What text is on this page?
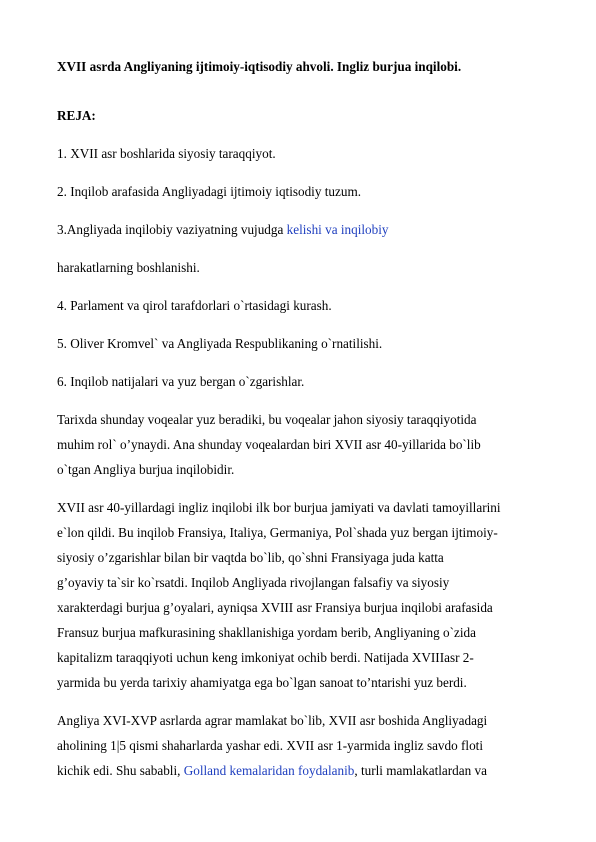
XVII asrda Angliyaning ijtimoiy-iqtisodiy ahvoli. Ingliz burjua inqilobi.
REJA:
1. XVII asr boshlarida siyosiy taraqqiyot.
2. Inqilob arafasida Angliyadagi ijtimoiy iqtisodiy tuzum.
3.Angliyada inqilobiy vaziyatning vujudga kelishi va inqilobiy
harakatlarning boshlanishi.
4. Parlament va qirol tarafdorlari o`rtasidagi kurash.
5. Oliver Kromvel` va Angliyada Respublikaning o`rnatilishi.
6. Inqilob natijalari va yuz bergan o`zgarishlar.
Tarixda shunday voqealar yuz beradiki, bu voqealar jahon siyosiy taraqqiyotida
muhim rol` o’ynaydi. Ana shunday voqealardan biri XVII asr 40-yillarida bo`lib
o`tgan Angliya burjua inqilobidir.
XVII asr 40-yillardagi ingliz inqilobi ilk bor burjua jamiyati va davlati tamoyillarini
e`lon qildi. Bu inqilob Fransiya, Italiya, Germaniya, Pol`shada yuz bergan ijtimoiy-
siyosiy o’zgarishlar bilan bir vaqtda bo`lib, qo`shni Fransiyaga juda katta
g’oyaviy ta`sir ko`rsatdi. Inqilob Angliyada rivojlangan falsafiy va siyosiy
xarakterdagi burjua g’oyalari, ayniqsa XVIII asr Fransiya burjua inqilobi arafasida
Fransuz burjua mafkurasining shakllanishiga yordam berib, Angliyaning o`zida
kapitalizm taraqqiyoti uchun keng imkoniyat ochib berdi. Natijada XVIIIasr 2-
yarmida bu yerda tarixiy ahamiyatga ega bo`lgan sanoat to’ntarishi yuz berdi.
Angliya XVI-XVP asrlarda agrar mamlakat bo`lib, XVII asr boshida Angliyadagi
aholining 1|5 qismi shaharlarda yashar edi. XVII asr 1-yarmida ingliz savdo floti
kichik edi. Shu sababli, Golland kemalaridan foydalanib, turli mamlakatlardan va
